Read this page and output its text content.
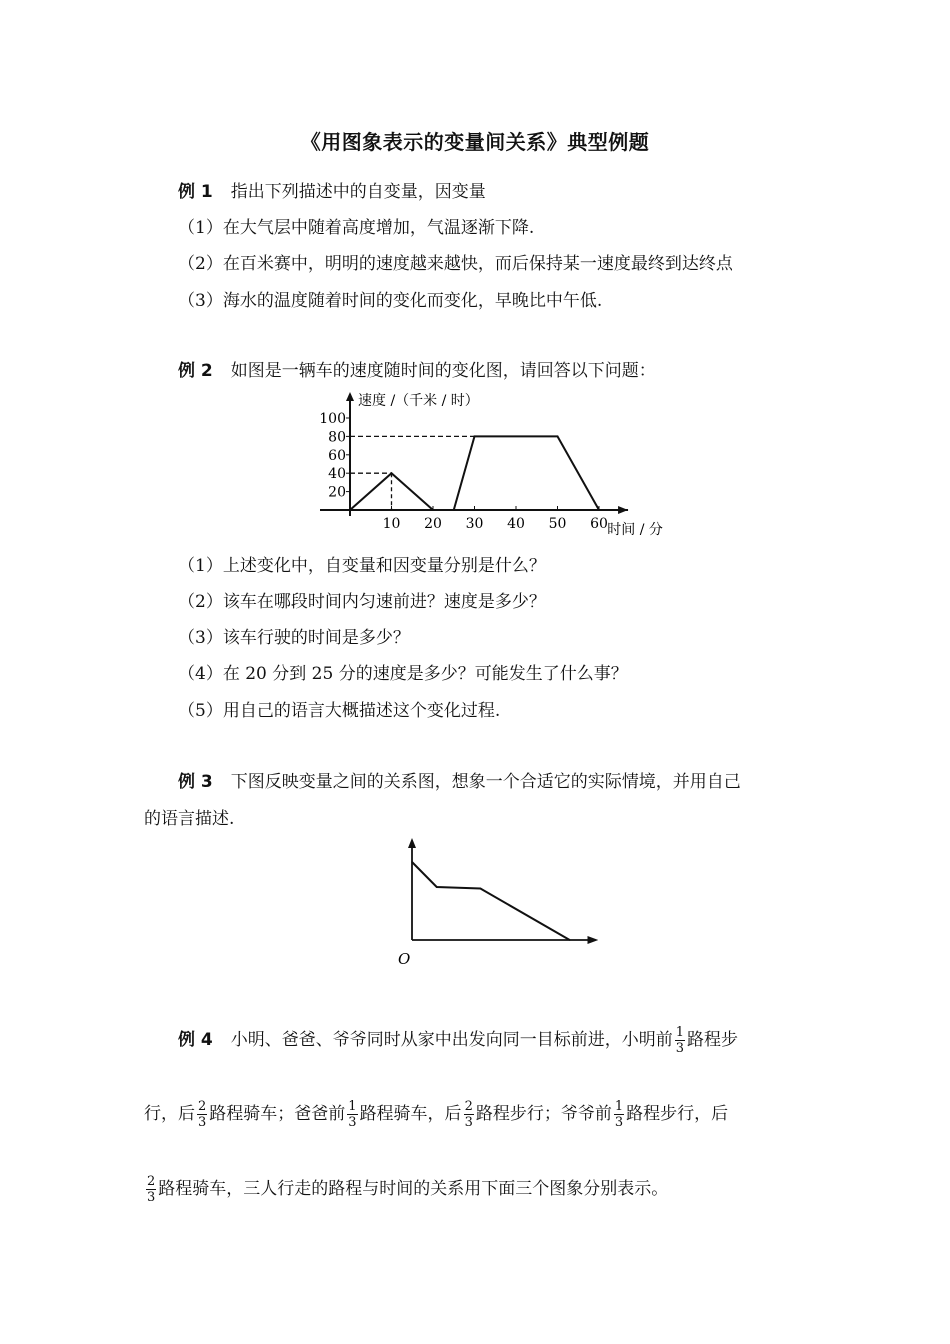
《用图象表示的变量间关系》典型例题
例 1 指出下列描述中的自变量，因变量
（1）在大气层中随着高度增加，气温逐渐下降.
（2）在百米赛中，明明的速度越来越快，而后保持某一速度最终到达终点
（3）海水的温度随着时间的变化而变化，早晚比中午低.
例 2 如图是一辆车的速度随时间的变化图，请回答以下问题：
20
40
60
80
100
10 20 30 40 50 60
速度 /（千米 / 时）
时间 / 分
（1）上述变化中，自变量和因变量分别是什么？
（2）该车在哪段时间内匀速前进？速度是多少？
（3）该车行驶的时间是多少？
（4）在 20 分到 25 分的速度是多少？可能发生了什么事？
（5）用自己的语言大概描述这个变化过程.
例 3 下图反映变量之间的关系图，想象一个合适它的实际情境，并用自己
的语言描述.
O
例 4 小明、爸爸、爷爷同时从家中出发向同一目标前进，小明前 $\frac{1}{3}$ 路程步
行，后 $\frac{2}{3}$ 路程骑车；爸爸前 $\frac{1}{3}$ 路程骑车，后 $\frac{2}{3}$ 路程步行；爷爷前 $\frac{1}{3}$ 路程步行，后
$\frac{2}{3}$ 路程骑车，三人行走的路程与时间的关系用下面三个图象分别表示。
